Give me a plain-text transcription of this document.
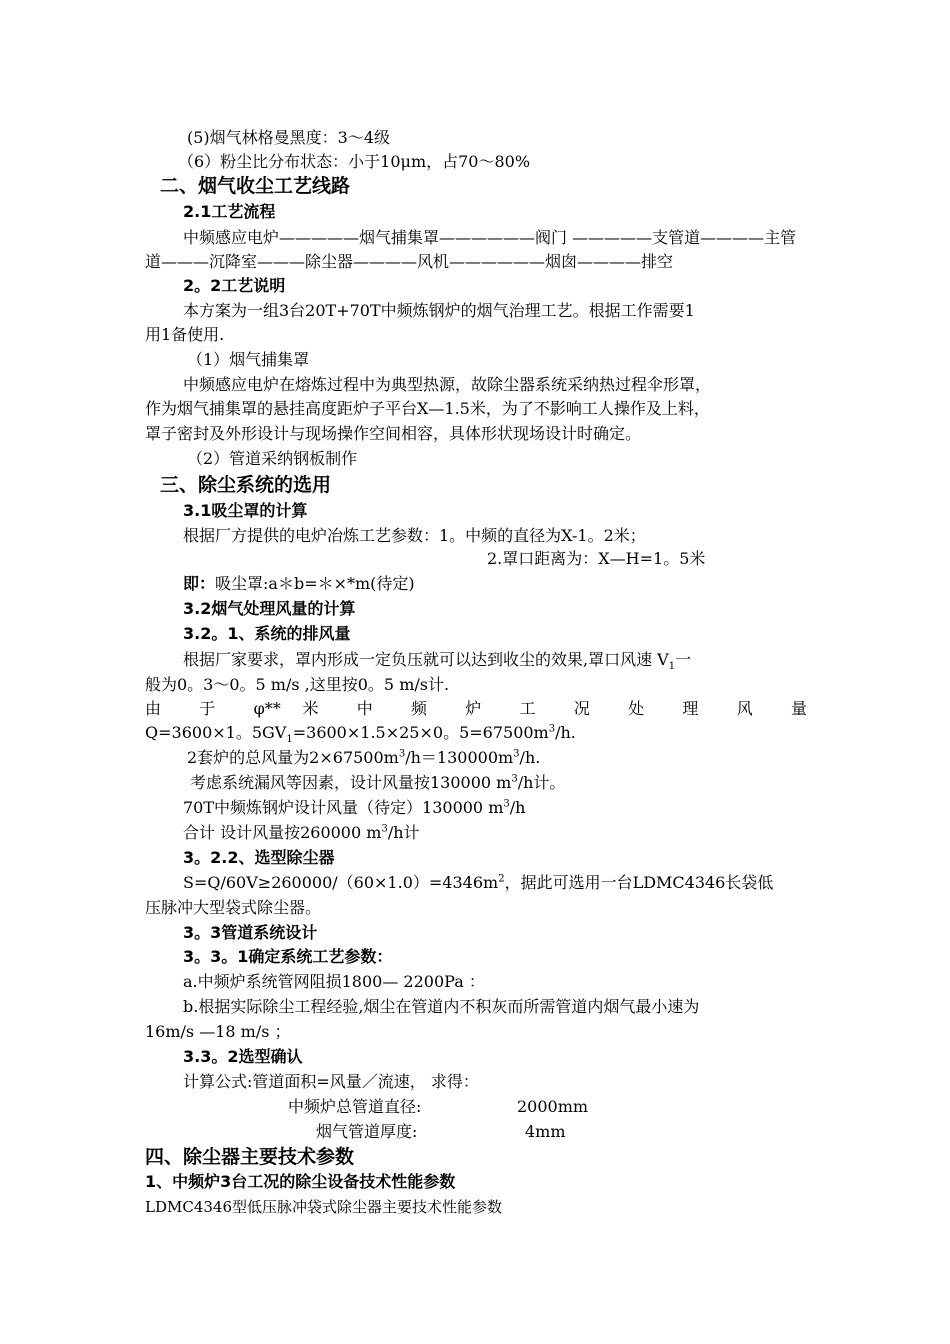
(5)烟气林格曼黑度：3～4级
（6）粉尘比分布状态：小于10μm，占70～80%
二、烟气收尘工艺线路
2.1工艺流程
中频感应电炉—————烟气捕集罩——————阀门 —————支管道————主管
道———沉降室———除尘器————风机——————烟囱————排空
2。2工艺说明
本方案为一组3台20T+70T中频炼钢炉的烟气治理工艺。根据工作需要1
用1备使用.
（1）烟气捕集罩
中频感应电炉在熔炼过程中为典型热源，故除尘器系统采纳热过程伞形罩，
作为烟气捕集罩的悬挂高度距炉子平台X—1.5米，为了不影响工人操作及上料，
罩子密封及外形设计与现场操作空间相容，具体形状现场设计时确定。
（2）管道采纳钢板制作
三、除尘系统的选用
3.1吸尘罩的计算
根据厂方提供的电炉冶炼工艺参数：1。中频的直径为X-1。2米；
2.罩口距离为：X—H=1。5米
即：吸尘罩:a＊b=＊×*m(待定)
3.2烟气处理风量的计算
3.2。1、系统的排风量
根据厂家要求，罩内形成一定负压就可以达到收尘的效果,罩口风速 $V_1$一
般为0。3～0。5 m/s ,这里按0。5 m/s计.
由 于 φ** 米 中 频 炉 工 况 处 理 风 量
Q=3600×1。$5GV_1=3600\times 1.5\times 25\times 0$。$5=67500m^3/h$.
2套炉的总风量为$2\times 67500m^3/h=130000m^3/h$.
考虑系统漏风等因素，设计风量按130000 $m^3/h$计。
70T中频炼钢炉设计风量（待定）130000 $m^3/h$
合计 设计风量按260000 $m^3/h$计
3。2.2、选型除尘器
$S=Q/60V\ge 260000/(60\times 1.0)=4346m^2$，据此可选用一台LDMC4346长袋低
压脉冲大型袋式除尘器。
3。3管道系统设计
3。3。1确定系统工艺参数：
a.中频炉系统管网阻损1800— 2200Pa ：
b.根据实际除尘工程经验,烟尘在管道内不积灰而所需管道内烟气最小速为
16m/s —18 m/s ；
3.3。2选型确认
计算公式:管道面积=风量／流速， 求得：
中频炉总管道直径:	2000mm
烟气管道厚度:	4mm
四、除尘器主要技术参数
1、中频炉3台工况的除尘设备技术性能参数
LDMC4346型低压脉冲袋式除尘器主要技术性能参数
